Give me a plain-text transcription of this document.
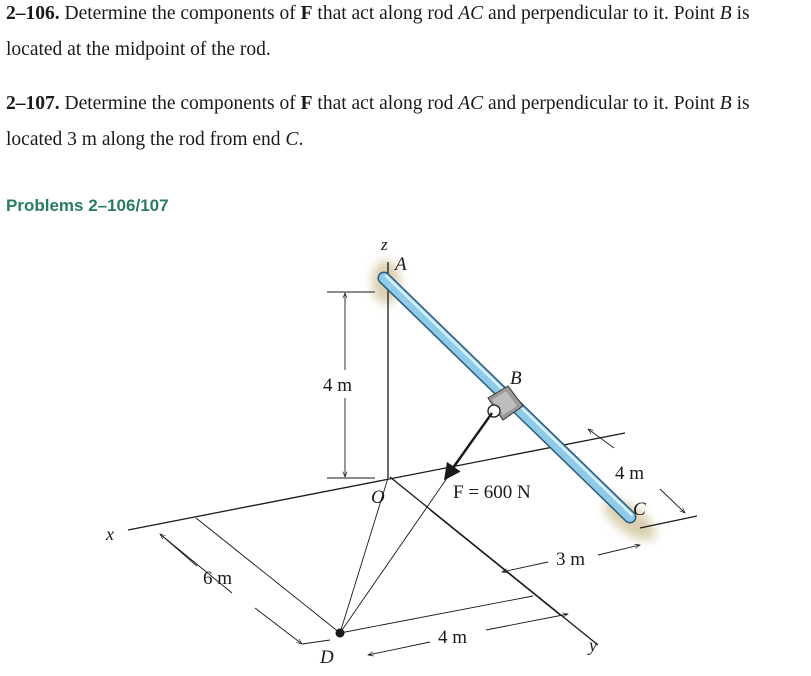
2–106. Determine the components of F that act along rod AC and perpendicular to it. Point B is located at the midpoint of the rod.
2–107. Determine the components of F that act along rod AC and perpendicular to it. Point B is located 3 m along the rod from end C.
Problems 2–106/107
z
A
B
O
C
D
x
y
4 m
F = 600 N
4 m
3 m
6 m
4 m
